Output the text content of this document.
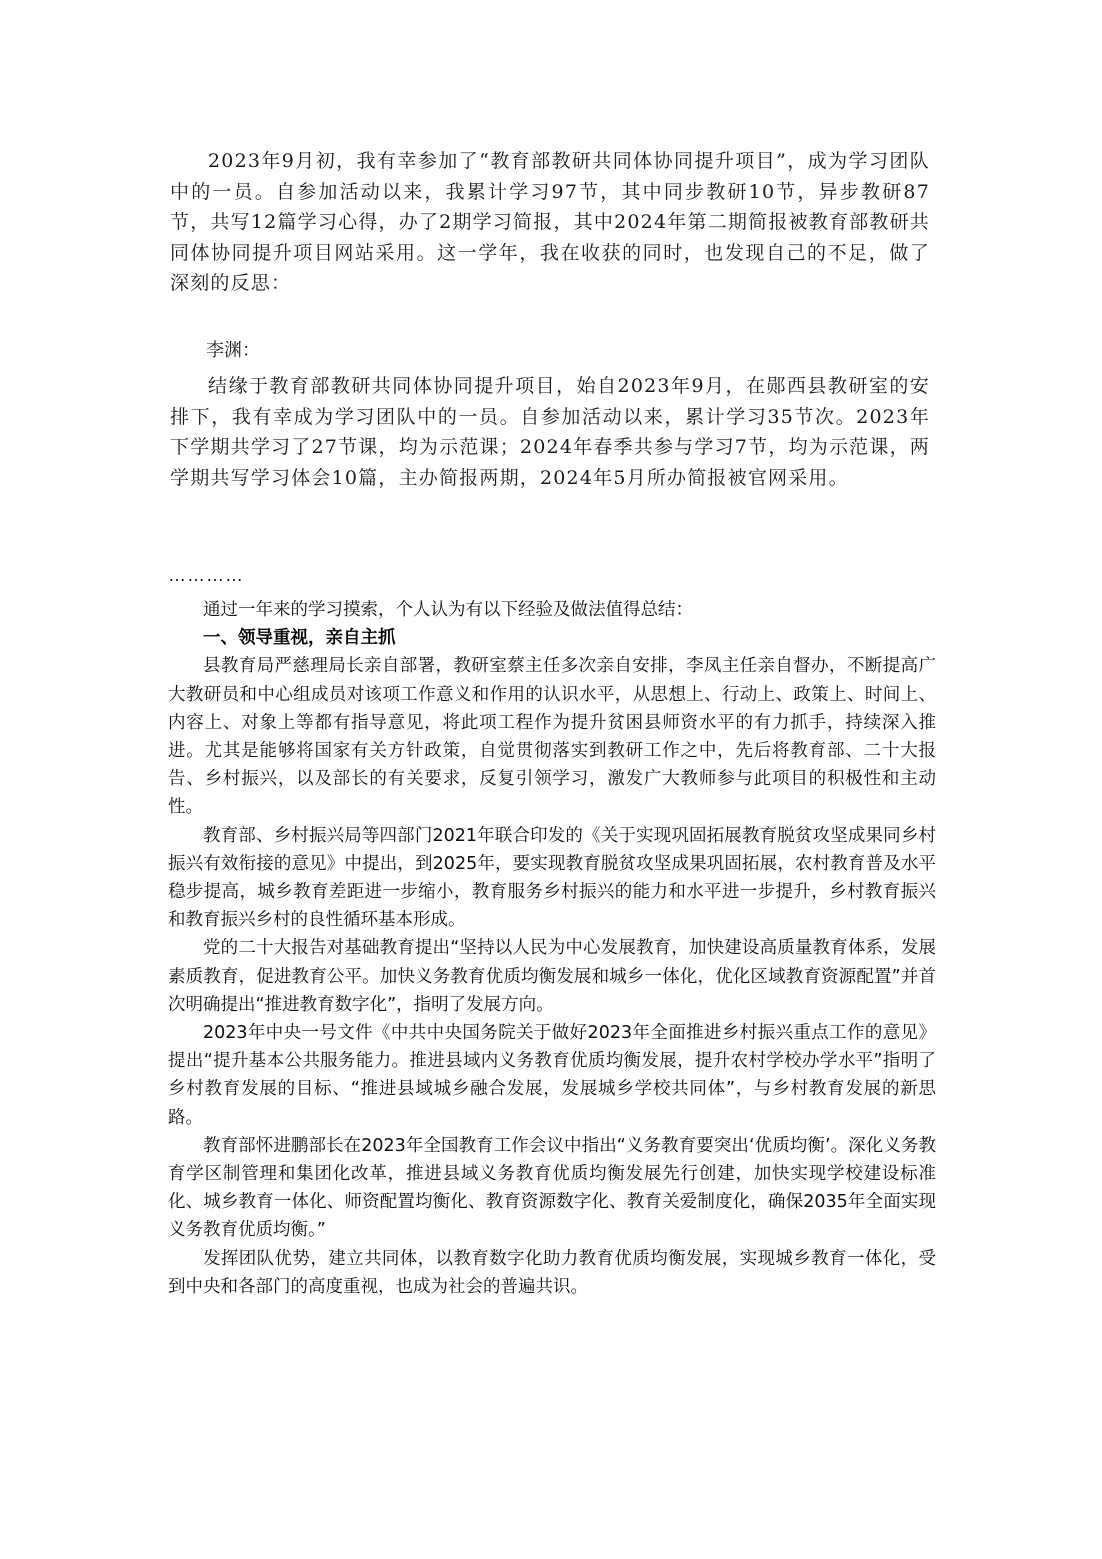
2023年9月初，我有幸参加了“教育部教研共同体协同提升项目”，成为学习团队中的一员。自参加活动以来，我累计学习97节，其中同步教研10节，异步教研87节，共写12篇学习心得，办了2期学习简报，其中2024年第二期简报被教育部教研共同体协同提升项目网站采用。这一学年，我在收获的同时，也发现自己的不足，做了深刻的反思：

李渊：

结缘于教育部教研共同体协同提升项目，始自2023年9月，在郧西县教研室的安排下，我有幸成为学习团队中的一员。自参加活动以来，累计学习35节次。2023年下学期共学习了27节课，均为示范课；2024年春季共参与学习7节，均为示范课，两学期共写学习体会10篇，主办简报两期，2024年5月所办简报被官网采用。

…………

通过一年来的学习摸索，个人认为有以下经验及做法值得总结：

一、领导重视，亲自主抓

县教育局严慈理局长亲自部署，教研室蔡主任多次亲自安排，李凤主任亲自督办，不断提高广大教研员和中心组成员对该项工作意义和作用的认识水平，从思想上、行动上、政策上、时间上、内容上、对象上等都有指导意见，将此项工程作为提升贫困县师资水平的有力抓手，持续深入推进。尤其是能够将国家有关方针政策，自觉贯彻落实到教研工作之中，先后将教育部、二十大报告、乡村振兴，以及部长的有关要求，反复引领学习，激发广大教师参与此项目的积极性和主动性。

教育部、乡村振兴局等四部门2021年联合印发的《关于实现巩固拓展教育脱贫攻坚成果同乡村振兴有效衔接的意见》中提出，到2025年，要实现教育脱贫攻坚成果巩固拓展，农村教育普及水平稳步提高，城乡教育差距进一步缩小，教育服务乡村振兴的能力和水平进一步提升，乡村教育振兴和教育振兴乡村的良性循环基本形成。

党的二十大报告对基础教育提出“坚持以人民为中心发展教育，加快建设高质量教育体系，发展素质教育，促进教育公平。加快义务教育优质均衡发展和城乡一体化，优化区域教育资源配置”并首次明确提出“推进教育数字化”，指明了发展方向。

2023年中央一号文件《中共中央国务院关于做好2023年全面推进乡村振兴重点工作的意见》提出“提升基本公共服务能力。推进县域内义务教育优质均衡发展，提升农村学校办学水平”指明了乡村教育发展的目标、“推进县域城乡融合发展，发展城乡学校共同体”，与乡村教育发展的新思路。

教育部怀进鹏部长在2023年全国教育工作会议中指出“义务教育要突出‘优质均衡’。深化义务教育学区制管理和集团化改革，推进县域义务教育优质均衡发展先行创建，加快实现学校建设标准化、城乡教育一体化、师资配置均衡化、教育资源数字化、教育关爱制度化，确保2035年全面实现义务教育优质均衡。”

发挥团队优势，建立共同体，以教育数字化助力教育优质均衡发展，实现城乡教育一体化，受到中央和各部门的高度重视，也成为社会的普遍共识。
